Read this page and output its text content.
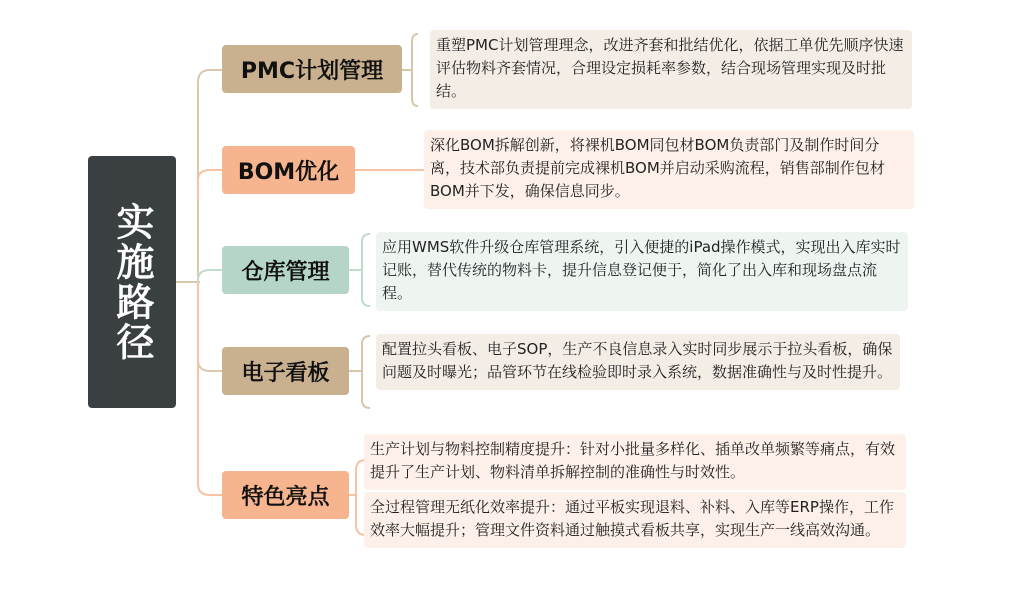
实施路径
PMC计划管理
重塑PMC计划管理理念，改进齐套和批结优化，依据工单优先顺序快速评估物料齐套情况，合理设定损耗率参数，结合现场管理实现及时批结。
BOM优化
深化BOM拆解创新，将裸机BOM同包材BOM负责部门及制作时间分离，技术部负责提前完成裸机BOM并启动采购流程，销售部制作包材BOM并下发，确保信息同步。
仓库管理
应用WMS软件升级仓库管理系统，引入便捷的iPad操作模式，实现出入库实时记账，替代传统的物料卡，提升信息登记便于，简化了出入库和现场盘点流程。
电子看板
配置拉头看板、电子SOP，生产不良信息录入实时同步展示于拉头看板，确保问题及时曝光；品管环节在线检验即时录入系统，数据准确性与及时性提升。
特色亮点
生产计划与物料控制精度提升：针对小批量多样化、插单改单频繁等痛点，有效提升了生产计划、物料清单拆解控制的准确性与时效性。
全过程管理无纸化效率提升：通过平板实现退料、补料、入库等ERP操作，工作效率大幅提升；管理文件资料通过触摸式看板共享，实现生产一线高效沟通。
